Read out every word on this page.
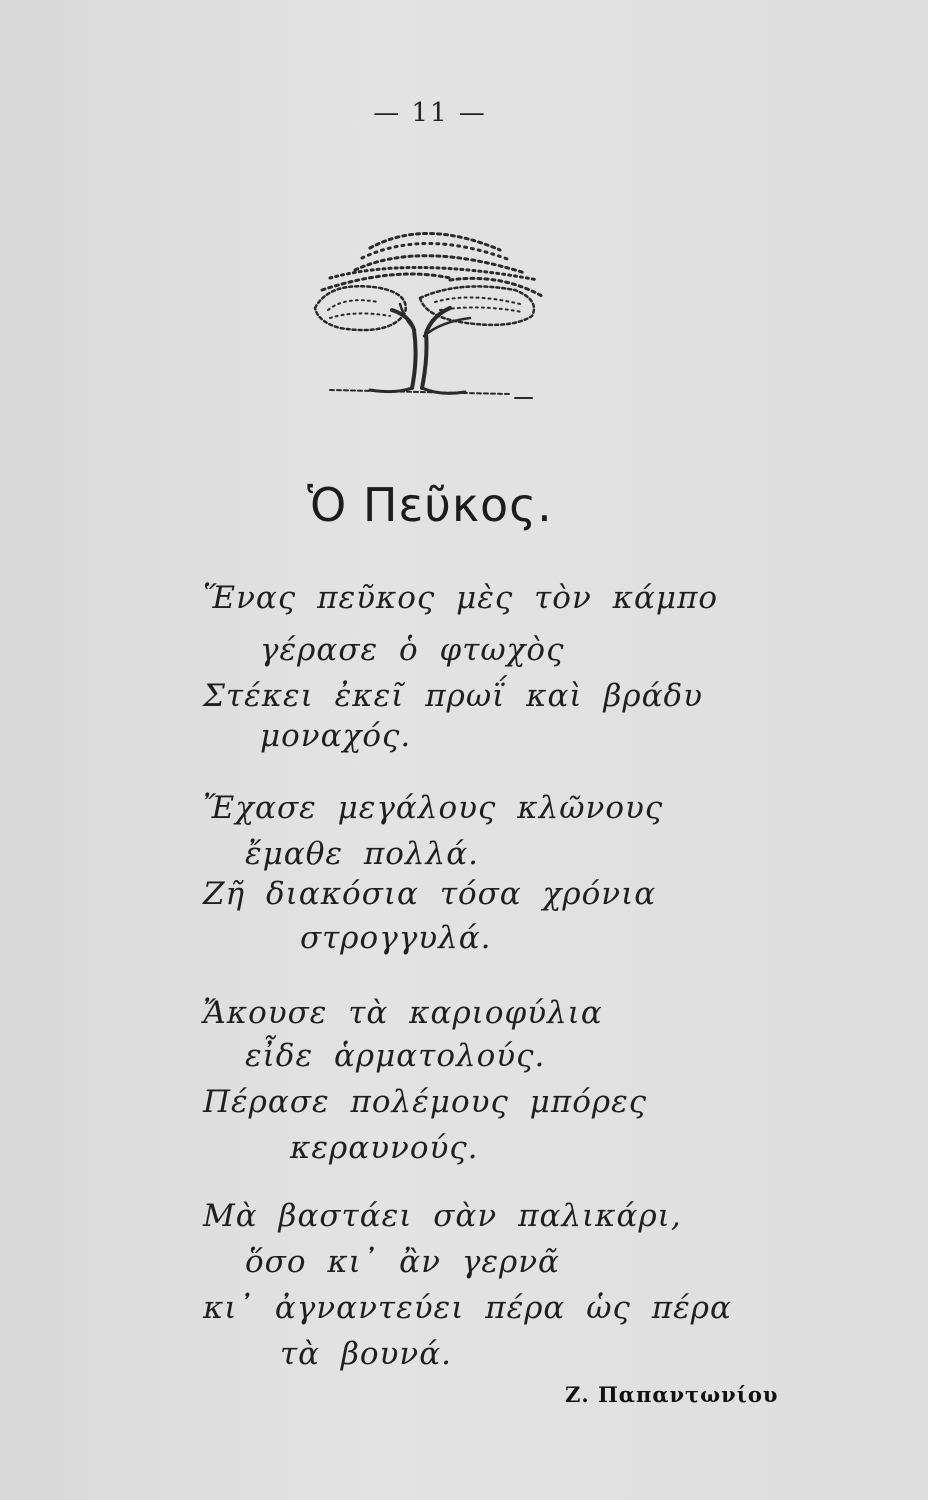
— 11 —
Ὁ Πεῦκος.
Ἕνας πεῦκος μὲς τὸν κάμπο
γέρασε ὁ φτωχὸς
Στέκει ἐκεῖ πρωΐ καὶ βράδυ
μοναχός.
Ἔχασε μεγάλους κλῶνους
ἔμαθε πολλά.
Ζῆ διακόσια τόσα χρόνια
στρογγυλά.
Ἄκουσε τὰ καριοφύλια
εἶδε ἁρματολούς.
Πέρασε πολέμους μπόρες
κεραυνούς.
Μὰ βαστάει σὰν παλικάρι,
ὅσο κι᾿ ἂν γερνᾶ
κι᾿ ἀγναντεύει πέρα ὡς πέρα
τὰ βουνά.
Ζ. Παπαντωνίου
